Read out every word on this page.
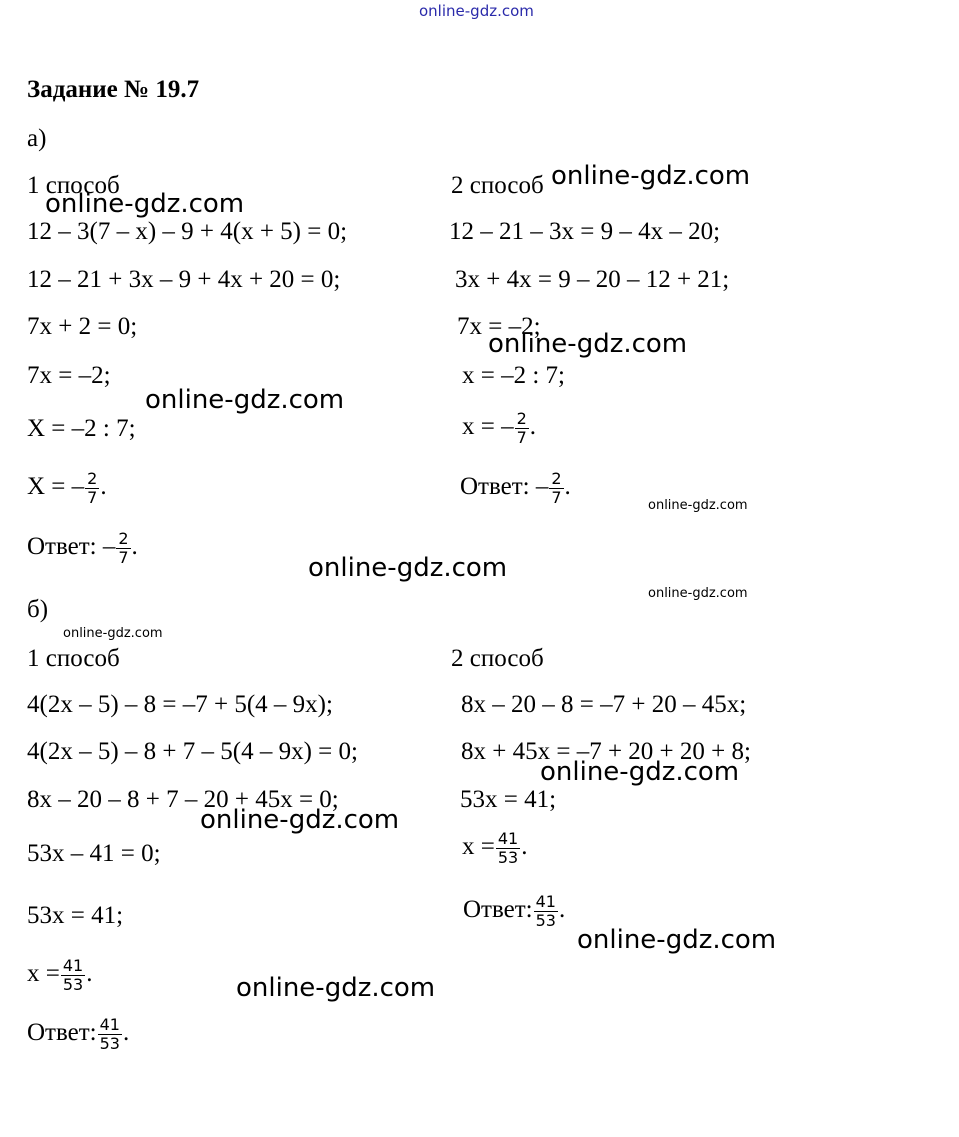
online-gdz.com
Задание № 19.7
а)
1 способ
12 – 3(7 – x) – 9 + 4(x + 5) = 0;
12 – 21 + 3x – 9 + 4x + 20 = 0;
7x + 2 = 0;
7x = –2;
X = –2 : 7;
X = – $\frac{2}{7}$ .
Ответ: – $\frac{2}{7}$ .
2 способ
12 – 21 – 3x = 9 – 4x – 20;
3x + 4x = 9 – 20 – 12 + 21;
7x = –2;
x = –2 : 7;
x = – $\frac{2}{7}$ .
Ответ: – $\frac{2}{7}$ .
б)
1 способ
4(2x – 5) – 8 = –7 + 5(4 – 9x);
4(2x – 5) – 8 + 7 – 5(4 – 9x) = 0;
8x – 20 – 8 + 7 – 20 + 45x = 0;
53x – 41 = 0;
53x = 41;
$x = \frac{41}{53}$ .
Ответ: $\frac{41}{53}$ .
2 способ
8x – 20 – 8 = –7 + 20 – 45x;
8x + 45x = –7 + 20 + 20 + 8;
53x = 41;
$x = \frac{41}{53}$ .
Ответ: $\frac{41}{53}$ .
online-gdz.com
online-gdz.com
online-gdz.com
online-gdz.com
online-gdz.com
online-gdz.com
online-gdz.com
online-gdz.com
online-gdz.com
online-gdz.com
online-gdz.com
online-gdz.com
